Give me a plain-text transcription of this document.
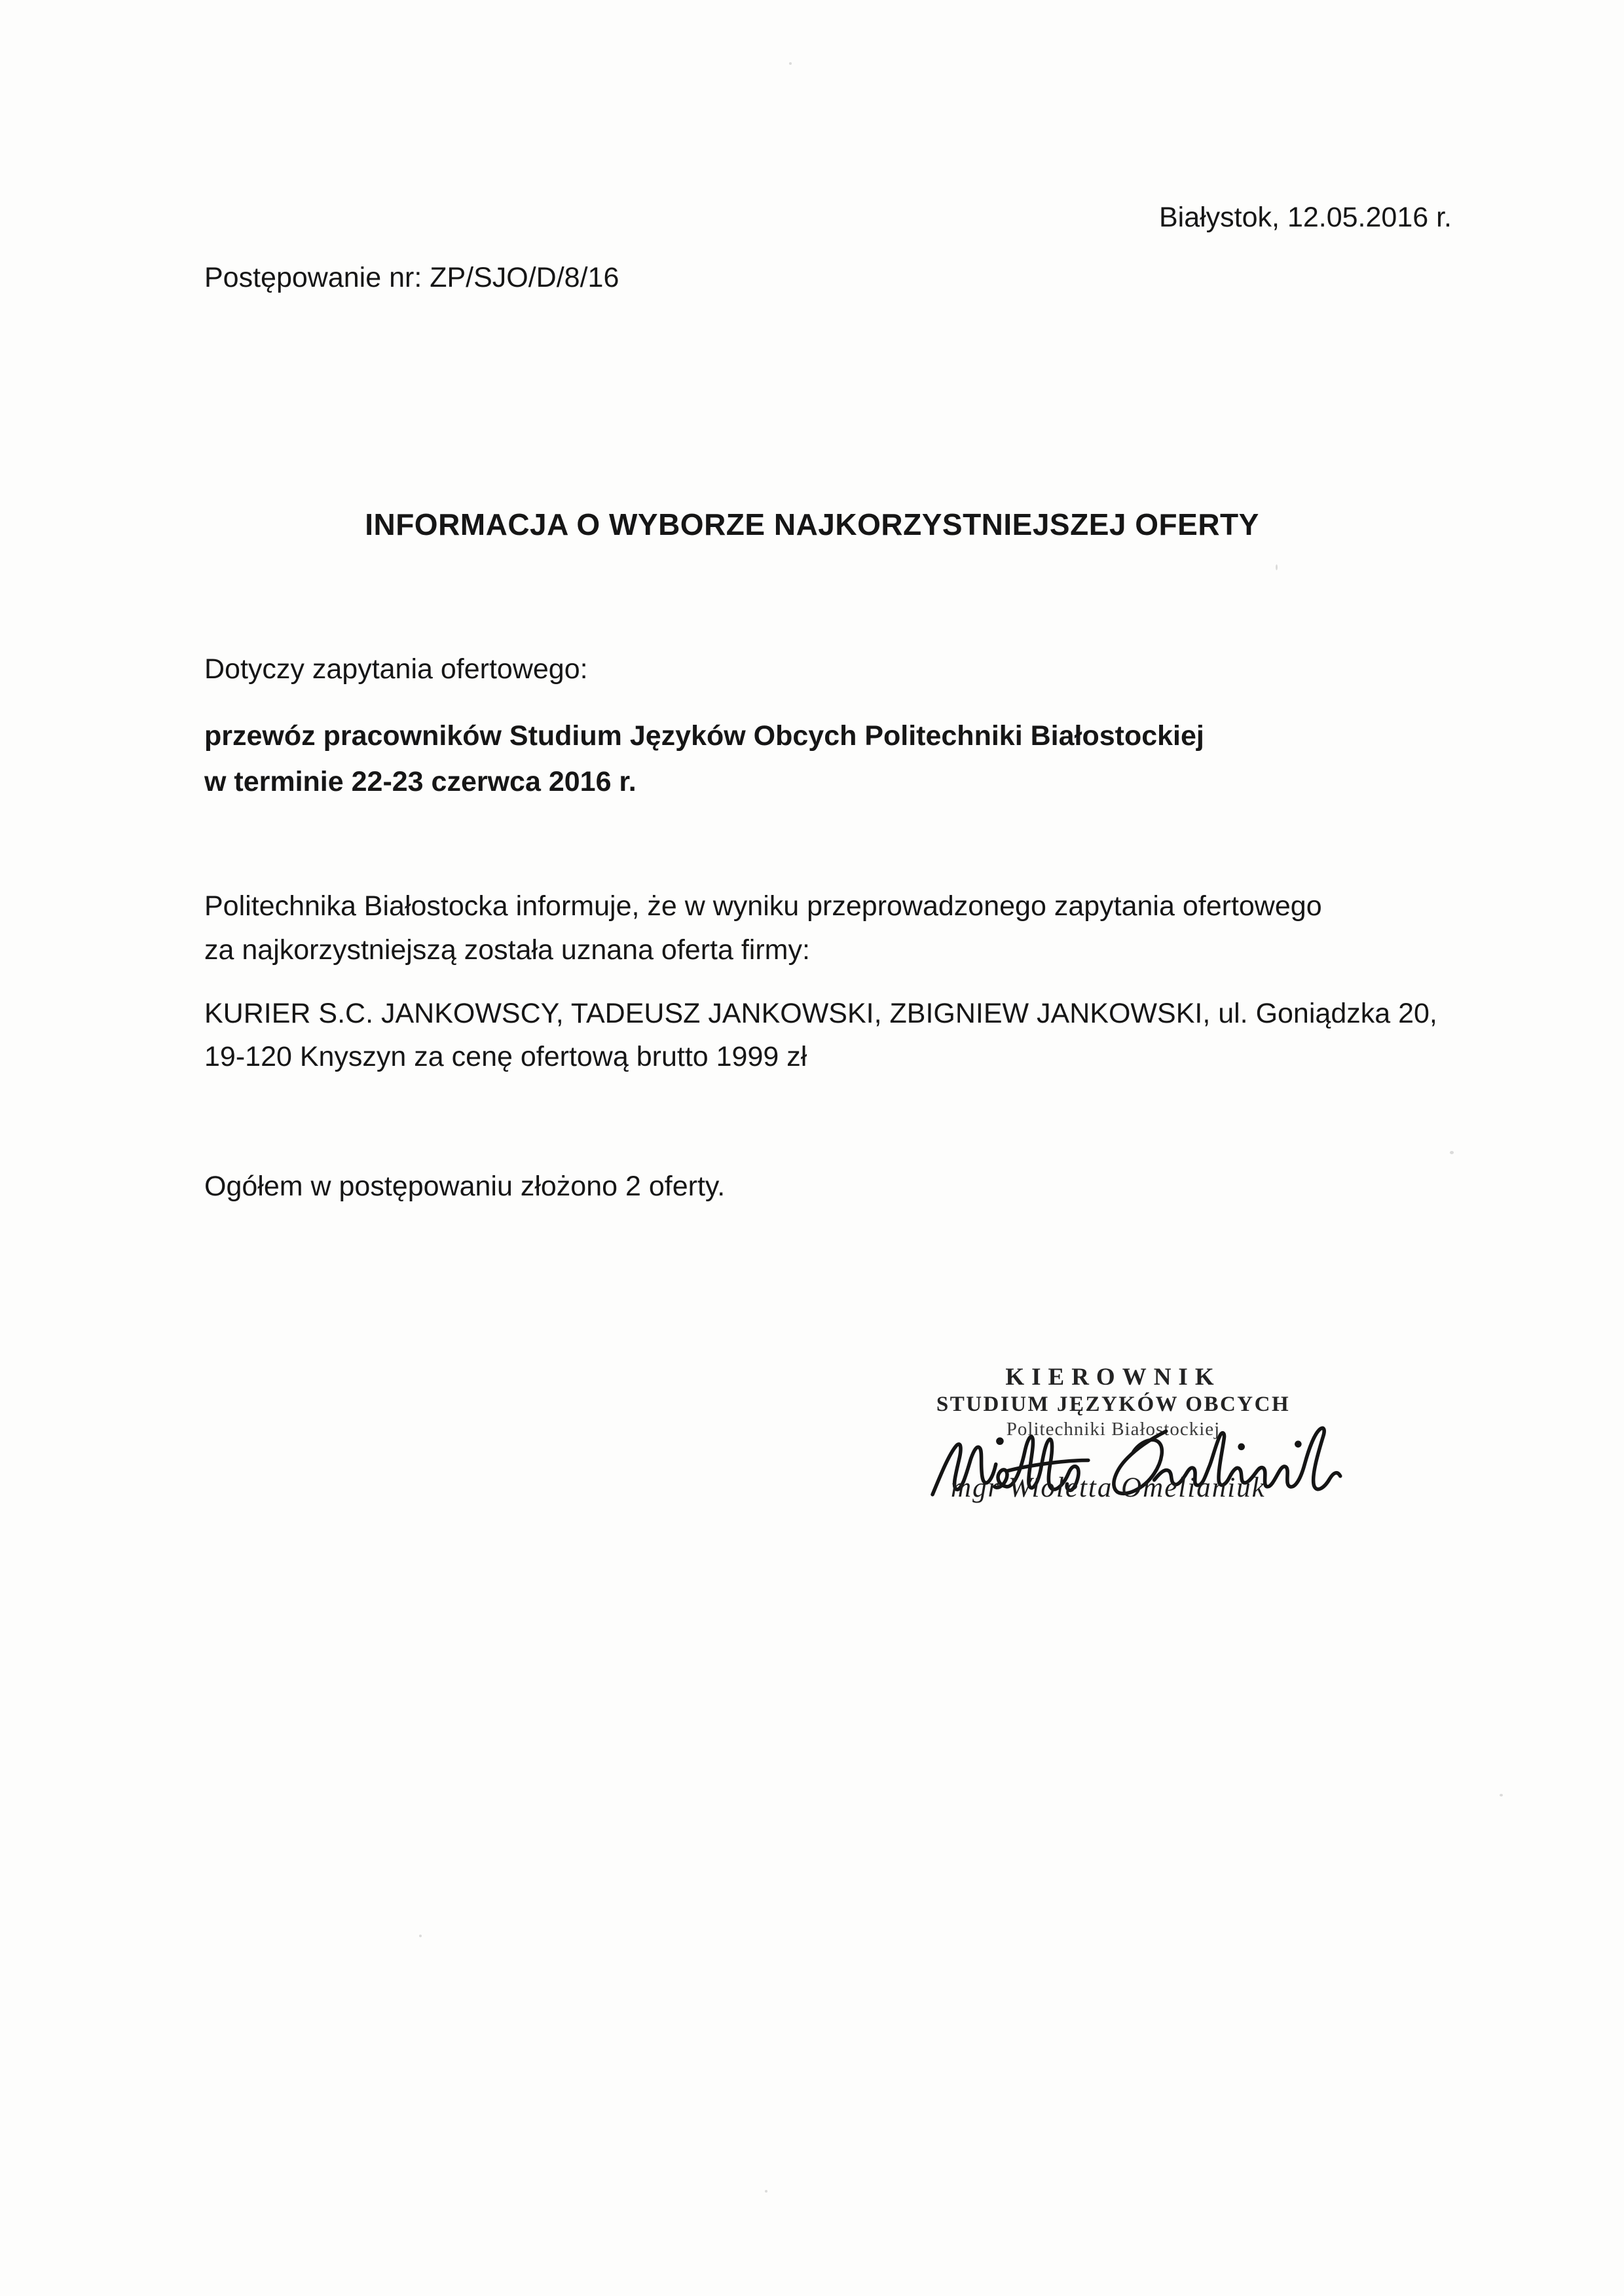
Białystok, 12.05.2016 r.
Postępowanie nr: ZP/SJO/D/8/16
INFORMACJA O WYBORZE NAJKORZYSTNIEJSZEJ OFERTY
Dotyczy zapytania ofertowego:
przewóz pracowników Studium Języków Obcych Politechniki Białostockiej
w terminie 22-23 czerwca 2016 r.
Politechnika Białostocka informuje, że w wyniku przeprowadzonego zapytania ofertowego
za najkorzystniejszą została uznana oferta firmy:
KURIER S.C. JANKOWSCY, TADEUSZ JANKOWSKI, ZBIGNIEW JANKOWSKI, ul. Goniądzka 20,
19-120 Knyszyn za cenę ofertową brutto 1999 zł
Ogółem w postępowaniu złożono 2 oferty.
KIEROWNIK
STUDIUM JĘZYKÓW OBCYCH
Politechniki Białostockiej
mgr Wioletta Omelianiuk
